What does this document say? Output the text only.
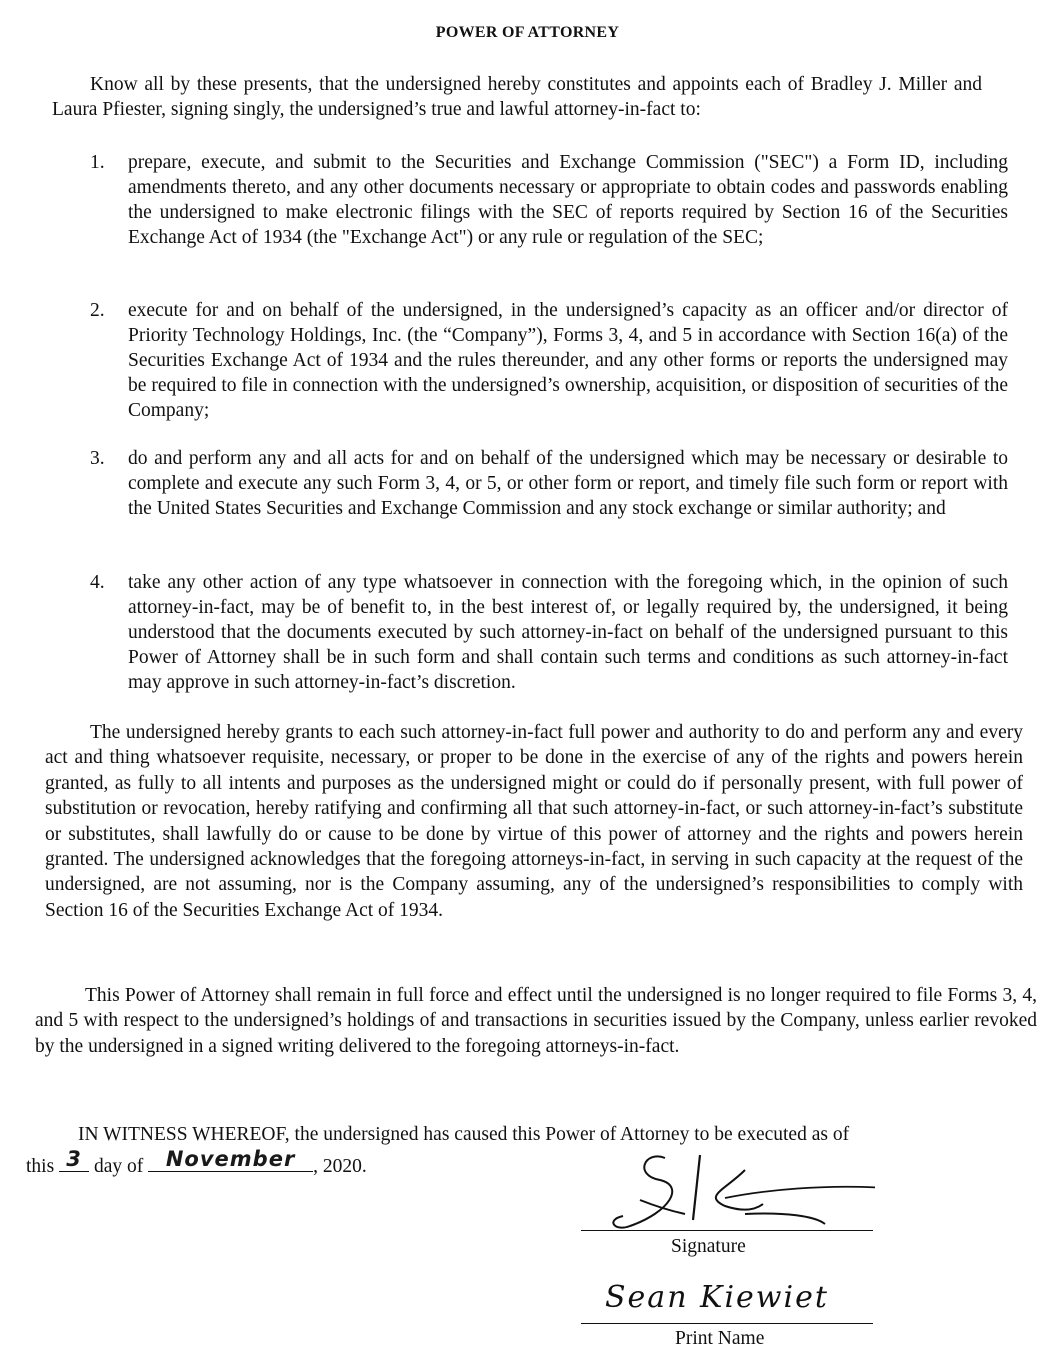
POWER OF ATTORNEY

Know all by these presents, that the undersigned hereby constitutes and appoints each of Bradley J. Miller and Laura Pfiester, signing singly, the undersigned’s true and lawful attorney-in-fact to:

1.	prepare, execute, and submit to the Securities and Exchange Commission ("SEC") a Form ID, including amendments thereto, and any other documents necessary or appropriate to obtain codes and passwords enabling the undersigned to make electronic filings with the SEC of reports required by Section 16 of the Securities Exchange Act of 1934 (the "Exchange Act") or any rule or regulation of the SEC;
2.	execute for and on behalf of the undersigned, in the undersigned’s capacity as an officer and/or director of Priority Technology Holdings, Inc. (the “Company”), Forms 3, 4, and 5 in accordance with Section 16(a) of the Securities Exchange Act of 1934 and the rules thereunder, and any other forms or reports the undersigned may be required to file in connection with the undersigned’s ownership, acquisition, or disposition of securities of the Company;
3.	do and perform any and all acts for and on behalf of the undersigned which may be necessary or desirable to complete and execute any such Form 3, 4, or 5, or other form or report, and timely file such form or report with the United States Securities and Exchange Commission and any stock exchange or similar authority; and
4.	take any other action of any type whatsoever in connection with the foregoing which, in the opinion of such attorney-in-fact, may be of benefit to, in the best interest of, or legally required by, the undersigned, it being understood that the documents executed by such attorney-in-fact on behalf of the undersigned pursuant to this Power of Attorney shall be in such form and shall contain such terms and conditions as such attorney-in-fact may approve in such attorney-in-fact’s discretion.

The undersigned hereby grants to each such attorney-in-fact full power and authority to do and perform any and every act and thing whatsoever requisite, necessary, or proper to be done in the exercise of any of the rights and powers herein granted, as fully to all intents and purposes as the undersigned might or could do if personally present, with full power of substitution or revocation, hereby ratifying and confirming all that such attorney-in-fact, or such attorney-in-fact’s substitute or substitutes, shall lawfully do or cause to be done by virtue of this power of attorney and the rights and powers herein granted. The undersigned acknowledges that the foregoing attorneys-in-fact, in serving in such capacity at the request of the undersigned, are not assuming, nor is the Company assuming, any of the undersigned’s responsibilities to comply with Section 16 of the Securities Exchange Act of 1934.

This Power of Attorney shall remain in full force and effect until the undersigned is no longer required to file Forms 3, 4, and 5 with respect to the undersigned’s holdings of and transactions in securities issued by the Company, unless earlier revoked by the undersigned in a signed writing delivered to the foregoing attorneys-in-fact.

IN WITNESS WHEREOF, the undersigned has caused this Power of Attorney to be executed as of
this 3 day of	November , 2020.
Signature
Sean Kiewiet
Print Name
